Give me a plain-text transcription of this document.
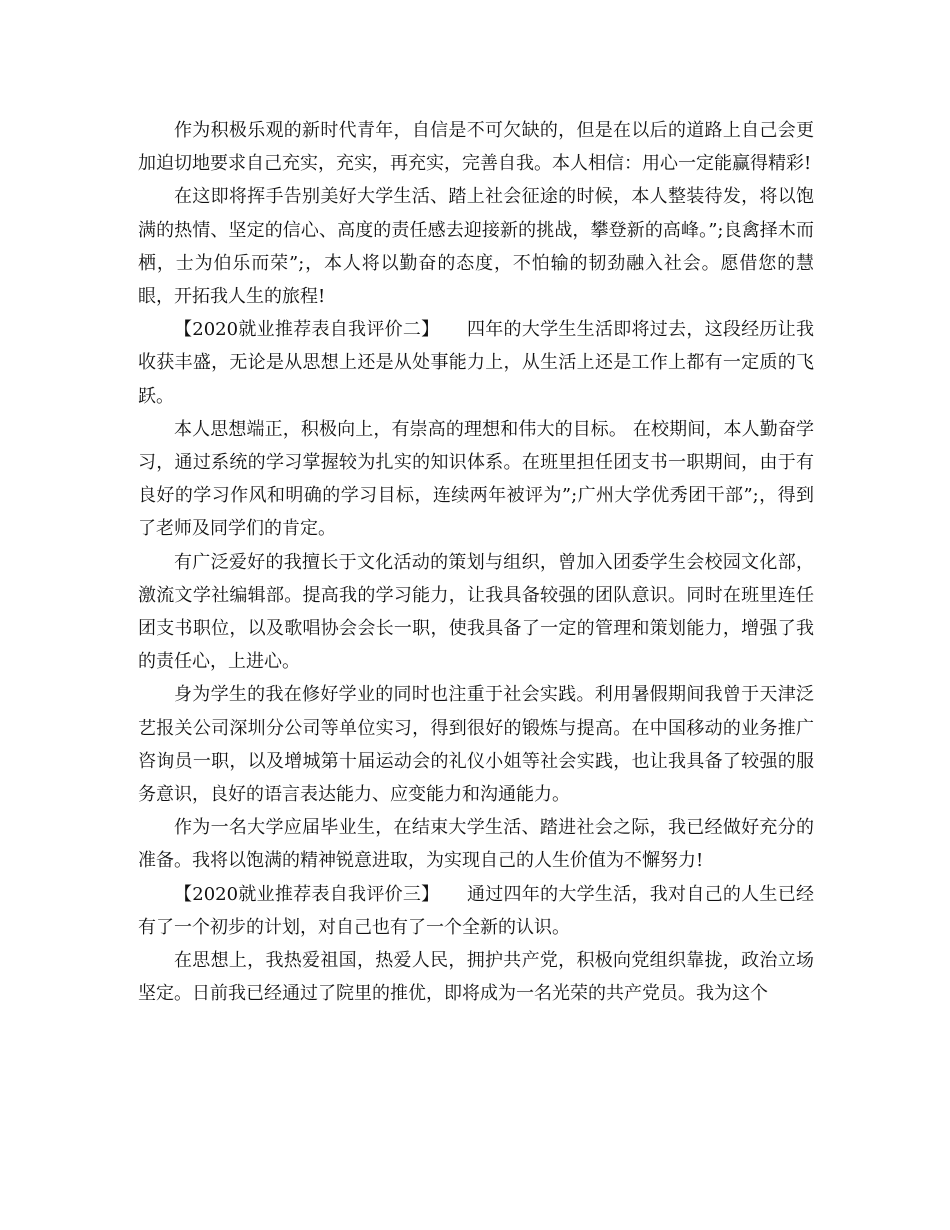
作为积极乐观的新时代青年，自信是不可欠缺的，但是在以后的道路上自己会更加迫切地要求自己充实，充实，再充实，完善自我。本人相信：用心一定能赢得精彩!

在这即将挥手告别美好大学生活、踏上社会征途的时候，本人整装待发，将以饱满的热情、坚定的信心、高度的责任感去迎接新的挑战，攀登新的高峰。”;良禽择木而栖，士为伯乐而荣”;，本人将以勤奋的态度，不怕输的韧劲融入社会。愿借您的慧眼，开拓我人生的旅程!

【2020就业推荐表自我评价二】　　四年的大学生生活即将过去，这段经历让我收获丰盛，无论是从思想上还是从处事能力上，从生活上还是工作上都有一定质的飞跃。

本人思想端正，积极向上，有崇高的理想和伟大的目标。 在校期间，本人勤奋学习，通过系统的学习掌握较为扎实的知识体系。在班里担任团支书一职期间，由于有良好的学习作风和明确的学习目标，连续两年被评为”;广州大学优秀团干部”;，得到了老师及同学们的肯定。

有广泛爱好的我擅长于文化活动的策划与组织，曾加入团委学生会校园文化部，激流文学社编辑部。提高我的学习能力，让我具备较强的团队意识。同时在班里连任团支书职位，以及歌唱协会会长一职，使我具备了一定的管理和策划能力，增强了我的责任心，上进心。

身为学生的我在修好学业的同时也注重于社会实践。利用暑假期间我曾于天津泛艺报关公司深圳分公司等单位实习，得到很好的锻炼与提高。在中国移动的业务推广咨询员一职，以及增城第十届运动会的礼仪小姐等社会实践，也让我具备了较强的服务意识，良好的语言表达能力、应变能力和沟通能力。

作为一名大学应届毕业生，在结束大学生活、踏进社会之际，我已经做好充分的准备。我将以饱满的精神锐意进取，为实现自己的人生价值为不懈努力!

【2020就业推荐表自我评价三】　　通过四年的大学生活，我对自己的人生已经有了一个初步的计划，对自己也有了一个全新的认识。

在思想上，我热爱祖国，热爱人民，拥护共产党，积极向党组织靠拢，政治立场坚定。日前我已经通过了院里的推优，即将成为一名光荣的共产党员。我为这个
